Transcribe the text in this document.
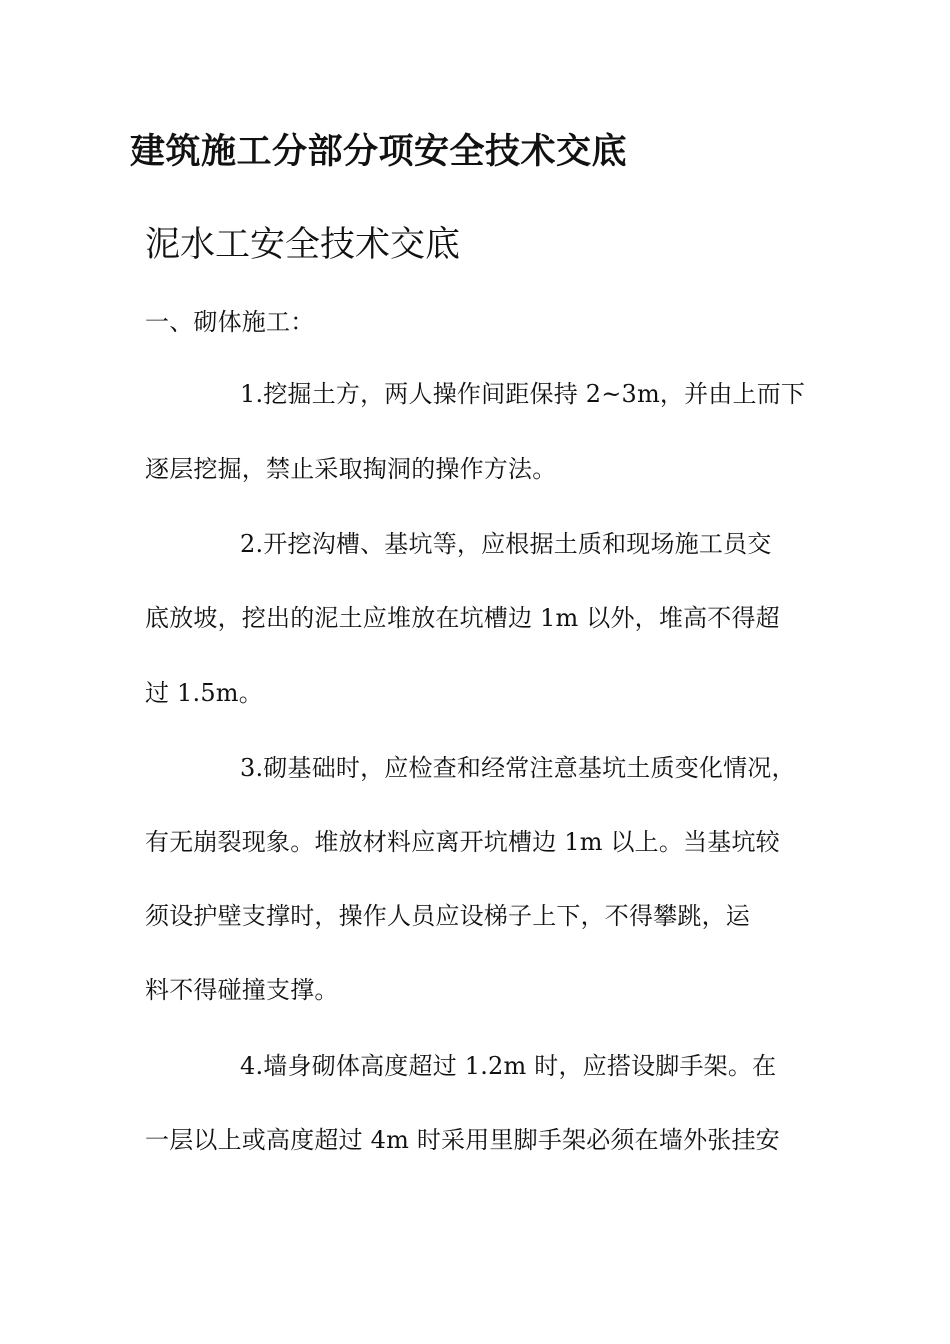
建筑施工分部分项安全技术交底
泥水工安全技术交底
一、砌体施工：
1.挖掘土方，两人操作间距保持 2~3m，并由上而下
逐层挖掘，禁止采取掏洞的操作方法。
2.开挖沟槽、基坑等，应根据土质和现场施工员交
底放坡，挖出的泥土应堆放在坑槽边 1m 以外，堆高不得超
过 1.5m。
3.砌基础时，应检查和经常注意基坑土质变化情况，
有无崩裂现象。堆放材料应离开坑槽边 1m 以上。当基坑较
须设护壁支撑时，操作人员应设梯子上下，不得攀跳，运
料不得碰撞支撑。
4.墙身砌体高度超过 1.2m 时，应搭设脚手架。在
一层以上或高度超过 4m 时采用里脚手架必须在墙外张挂安
